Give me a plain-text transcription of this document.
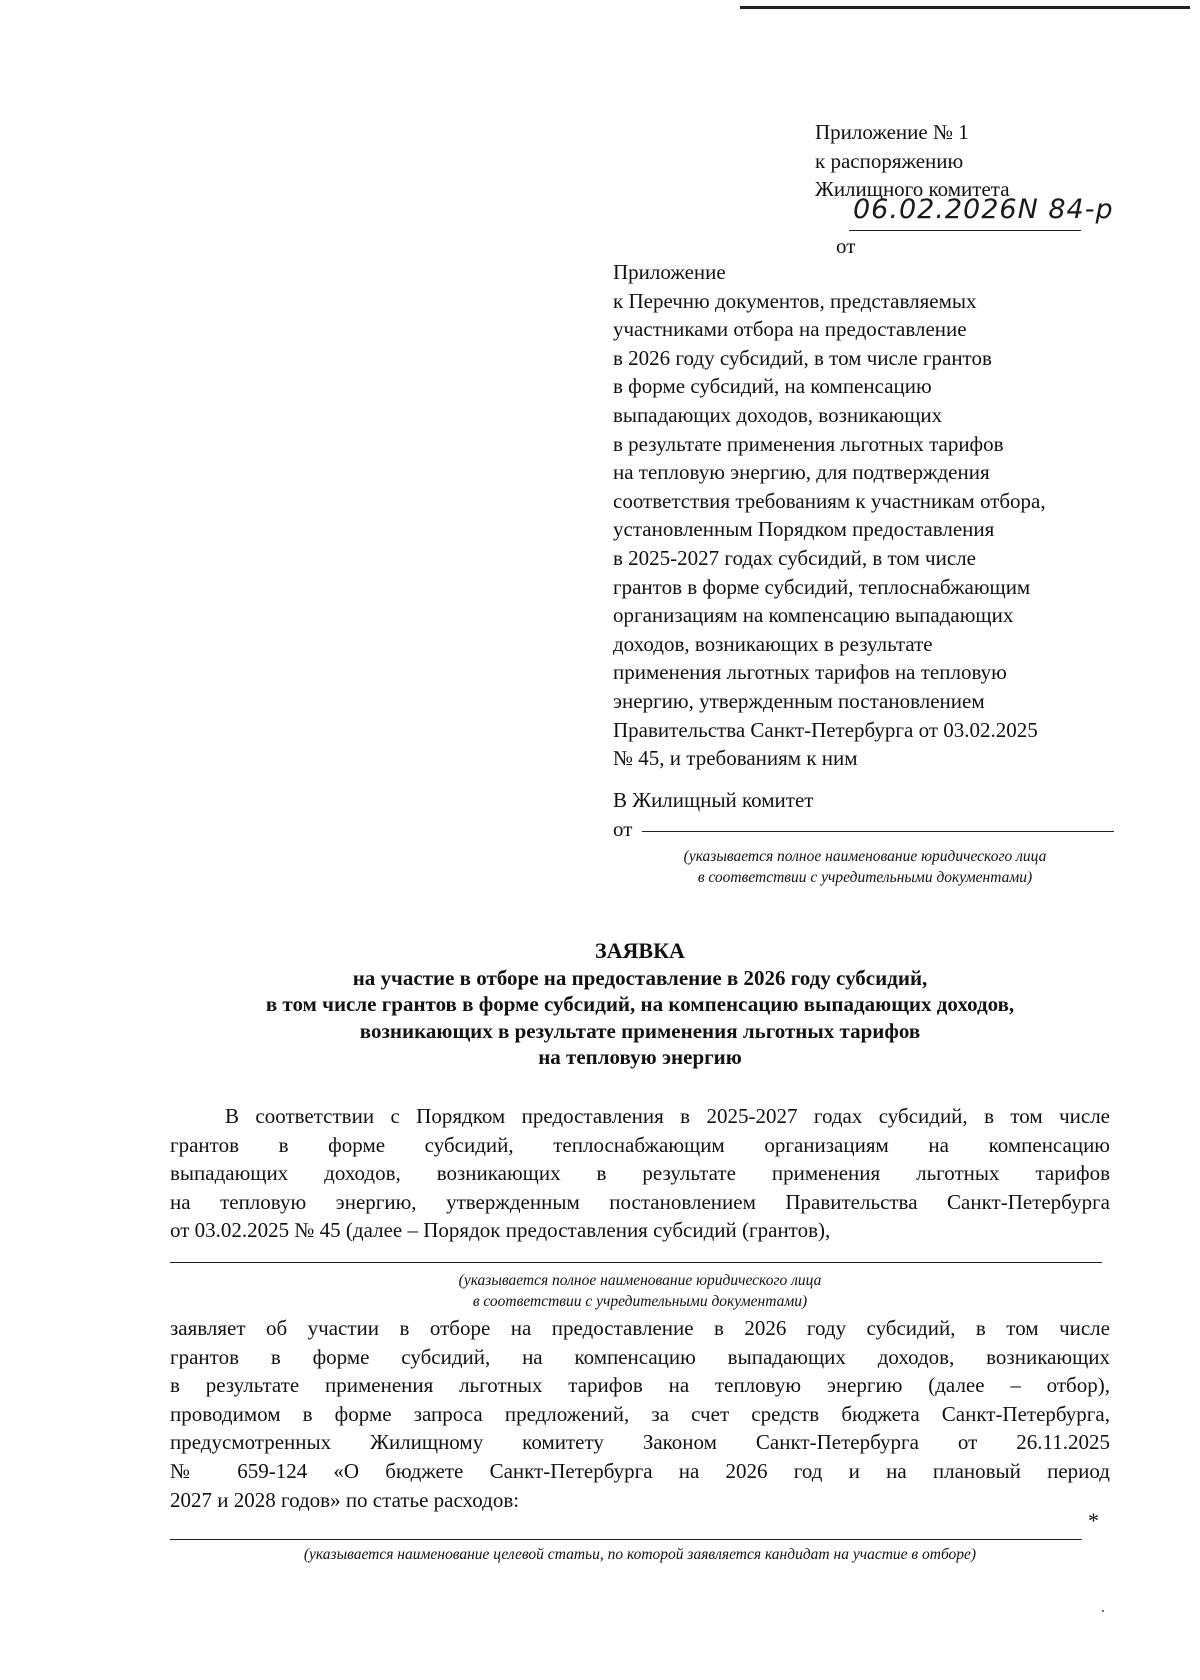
Приложение № 1
к распоряжению
Жилищного комитета

от

06.02.2026N 84-р

Приложение
к Перечню документов, представляемых
участниками отбора на предоставление
в 2026 году субсидий, в том числе грантов
в форме субсидий, на компенсацию
выпадающих доходов, возникающих
в результате применения льготных тарифов
на тепловую энергию, для подтверждения
соответствия требованиям к участникам отбора,
установленным Порядком предоставления
в 2025-2027 годах субсидий, в том числе
грантов в форме субсидий, теплоснабжающим
организациям на компенсацию выпадающих
доходов, возникающих в результате
применения льготных тарифов на тепловую
энергию, утвержденным постановлением
Правительства Санкт-Петербурга от 03.02.2025
№ 45, и требованиям к ним
В Жилищный комитет
от
(указывается полное наименование юридического лица
в соответствии с учредительными документами)
ЗАЯВКА
на участие в отборе на предоставление в 2026 году субсидий,
в том числе грантов в форме субсидий, на компенсацию выпадающих доходов,
возникающих в результате применения льготных тарифов
на тепловую энергию
В соответствии с Порядком предоставления в 2025-2027 годах субсидий, в том числе
грантов в форме субсидий, теплоснабжающим организациям на компенсацию
выпадающих доходов, возникающих в результате применения льготных тарифов
на тепловую энергию, утвержденным постановлением Правительства Санкт-Петербурга
от 03.02.2025 № 45 (далее – Порядок предоставления субсидий (грантов),
(указывается полное наименование юридического лица
в соответствии с учредительными документами)
заявляет об участии в отборе на предоставление в 2026 году субсидий, в том числе
грантов в форме субсидий, на компенсацию выпадающих доходов, возникающих
в результате применения льготных тарифов на тепловую энергию (далее – отбор),
проводимом в форме запроса предложений, за счет средств бюджета Санкт-Петербурга,
предусмотренных Жилищному комитету Законом Санкт-Петербурга от 26.11.2025
№ 659-124 «О бюджете Санкт-Петербурга на 2026 год и на плановый период
2027 и 2028 годов» по статье расходов:
*
(указывается наименование целевой статьи, по которой заявляется кандидат на участие в отборе)
